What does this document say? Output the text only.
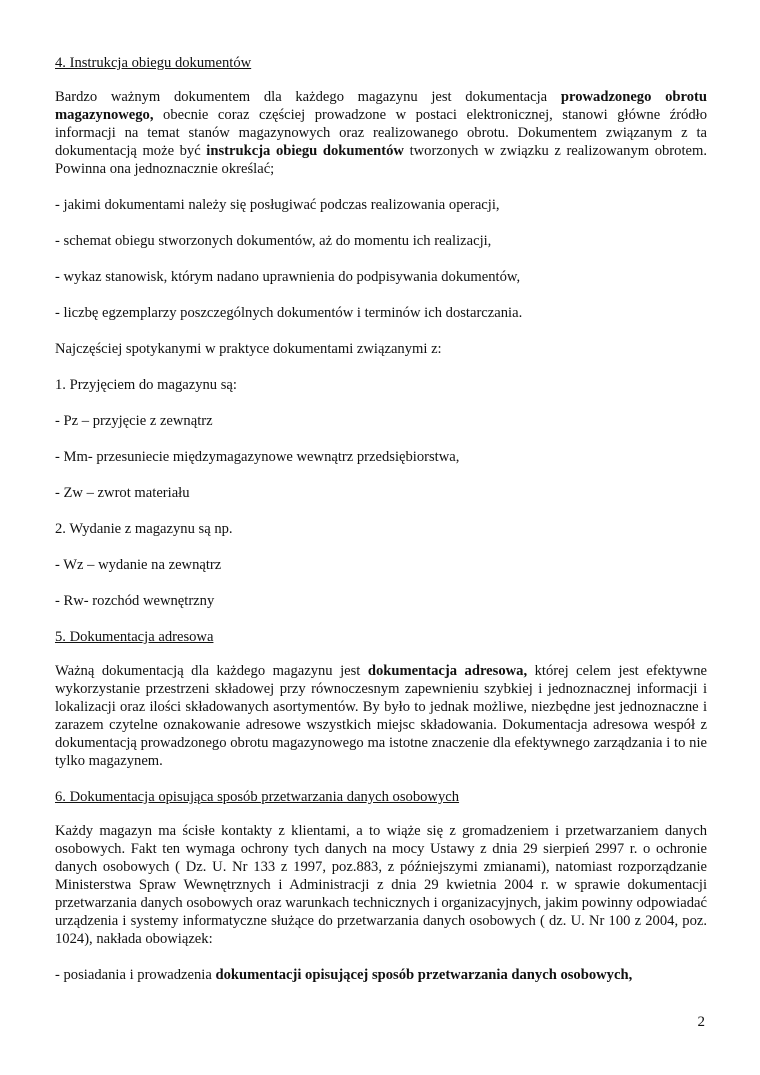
4. Instrukcja obiegu dokumentów
Bardzo ważnym dokumentem dla każdego magazynu jest dokumentacja prowadzonego obrotu magazynowego, obecnie coraz częściej prowadzone w postaci elektronicznej, stanowi główne źródło informacji na temat stanów magazynowych oraz realizowanego obrotu. Dokumentem związanym z ta dokumentacją może być instrukcja obiegu dokumentów tworzonych w związku z realizowanym obrotem. Powinna ona jednoznacznie określać;
- jakimi dokumentami należy się posługiwać podczas realizowania operacji,
- schemat obiegu stworzonych dokumentów, aż do momentu ich realizacji,
- wykaz stanowisk, którym nadano uprawnienia do podpisywania dokumentów,
- liczbę egzemplarzy poszczególnych dokumentów i terminów ich dostarczania.
Najczęściej spotykanymi w praktyce dokumentami związanymi z:
1. Przyjęciem do magazynu są:
- Pz – przyjęcie z zewnątrz
- Mm- przesuniecie międzymagazynowe wewnątrz przedsiębiorstwa,
- Zw – zwrot materiału
2. Wydanie z magazynu są np.
- Wz – wydanie na zewnątrz
- Rw- rozchód wewnętrzny
5. Dokumentacja adresowa
Ważną dokumentacją dla każdego magazynu jest dokumentacja adresowa, której celem jest efektywne wykorzystanie przestrzeni składowej przy równoczesnym zapewnieniu szybkiej i jednoznacznej informacji i lokalizacji oraz ilości składowanych asortymentów. By było to jednak możliwe, niezbędne jest jednoznaczne i zarazem czytelne oznakowanie adresowe wszystkich miejsc składowania. Dokumentacja adresowa wespół z dokumentacją prowadzonego obrotu magazynowego ma istotne znaczenie dla efektywnego zarządzania i to nie tylko magazynem.
6. Dokumentacja opisująca sposób przetwarzania danych osobowych
Każdy magazyn ma ścisłe kontakty z klientami, a to wiąże się z gromadzeniem i przetwarzaniem danych osobowych. Fakt ten wymaga ochrony tych danych na mocy Ustawy z dnia 29 sierpień 2997 r. o ochronie danych osobowych ( Dz. U. Nr 133 z 1997, poz.883, z późniejszymi zmianami), natomiast rozporządzanie Ministerstwa Spraw Wewnętrznych i Administracji z dnia 29 kwietnia 2004 r. w sprawie dokumentacji przetwarzania danych osobowych oraz warunkach technicznych i organizacyjnych, jakim powinny odpowiadać urządzenia i systemy informatyczne służące do przetwarzania danych osobowych ( dz. U. Nr 100 z 2004, poz. 1024), nakłada obowiązek:
- posiadania i prowadzenia dokumentacji opisującej sposób przetwarzania danych osobowych,
2
